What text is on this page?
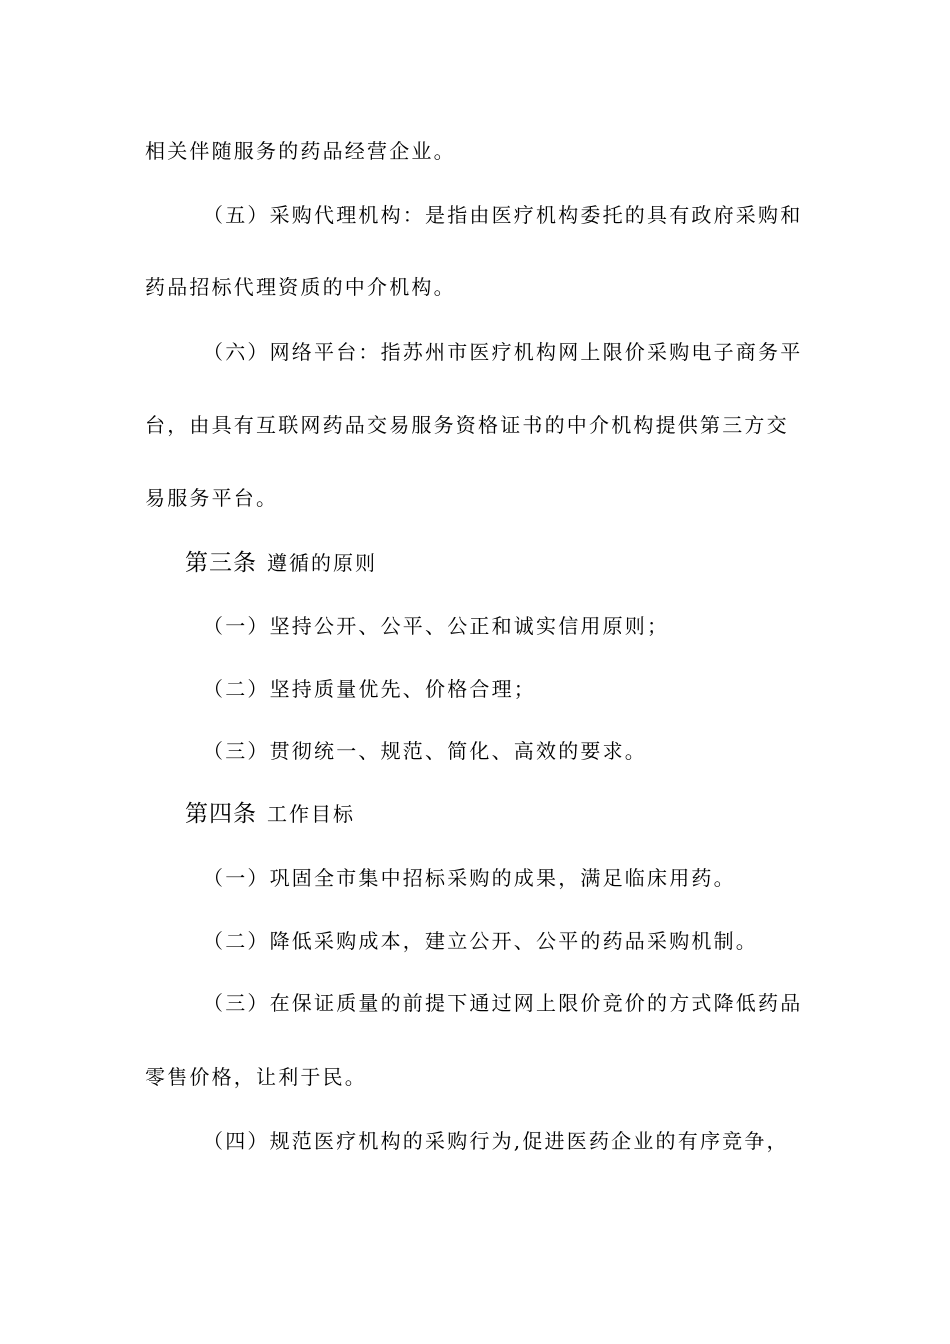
相关伴随服务的药品经营企业。
（五）采购代理机构：是指由医疗机构委托的具有政府采购和
药品招标代理资质的中介机构。
（六）网络平台：指苏州市医疗机构网上限价采购电子商务平
台，由具有互联网药品交易服务资格证书的中介机构提供第三方交
易服务平台。
第三条 遵循的原则
（一）坚持公开、公平、公正和诚实信用原则；
（二）坚持质量优先、价格合理；
（三）贯彻统一、规范、简化、高效的要求。
第四条 工作目标
（一）巩固全市集中招标采购的成果，满足临床用药。
（二）降低采购成本，建立公开、公平的药品采购机制。
（三）在保证质量的前提下通过网上限价竞价的方式降低药品
零售价格，让利于民。
（四）规范医疗机构的采购行为,促进医药企业的有序竞争，
